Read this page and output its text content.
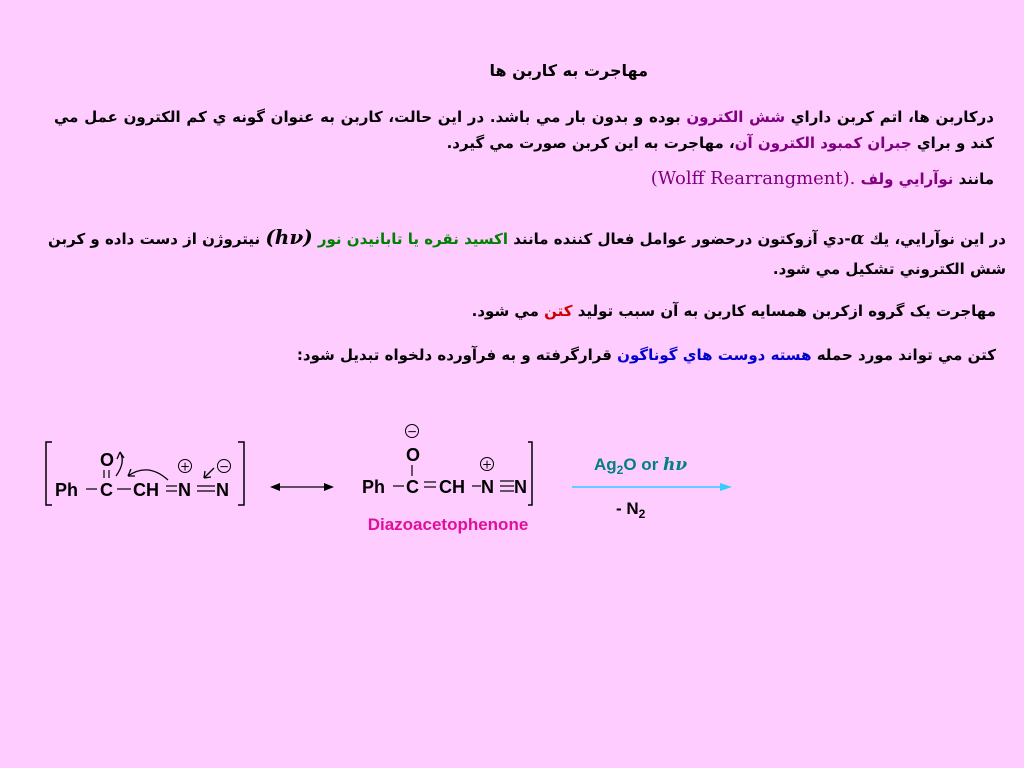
مهاجرت به کاربن ها

دركاربن ها، اتم كربن داراي شش الكترون بوده و بدون بار مي باشد. در اين حالت، كاربن به عنوان گونه ي كم الكترون عمل مي كند و براي جبران كمبود الكترون آن، مهاجرت به اين كربن صورت مي گيرد.

مانند نوآرايي ولف (Wolff Rearrangment).

در اين نوآرايي، يك α-دي آزوكتون درحضور عوامل فعال كننده مانند اكسيد نقره يا تابانيدن نور (hν) نيتروژن از دست داده و كربن شش الكتروني تشكيل مي شود.

مهاجرت یک گروه ازکربن همسایه کاربن به آن سبب توليد كتن مي شود.

كتن مي تواند مورد حمله هسته دوست هاي گوناگون قرارگرفته و به فرآورده دلخواه تبديل شود:

O
Ph C CH N N
+ −
−
O
Ph C CH N N
+
Diazoacetophenone
$Ag_2O$ or hν
- $N_2$
